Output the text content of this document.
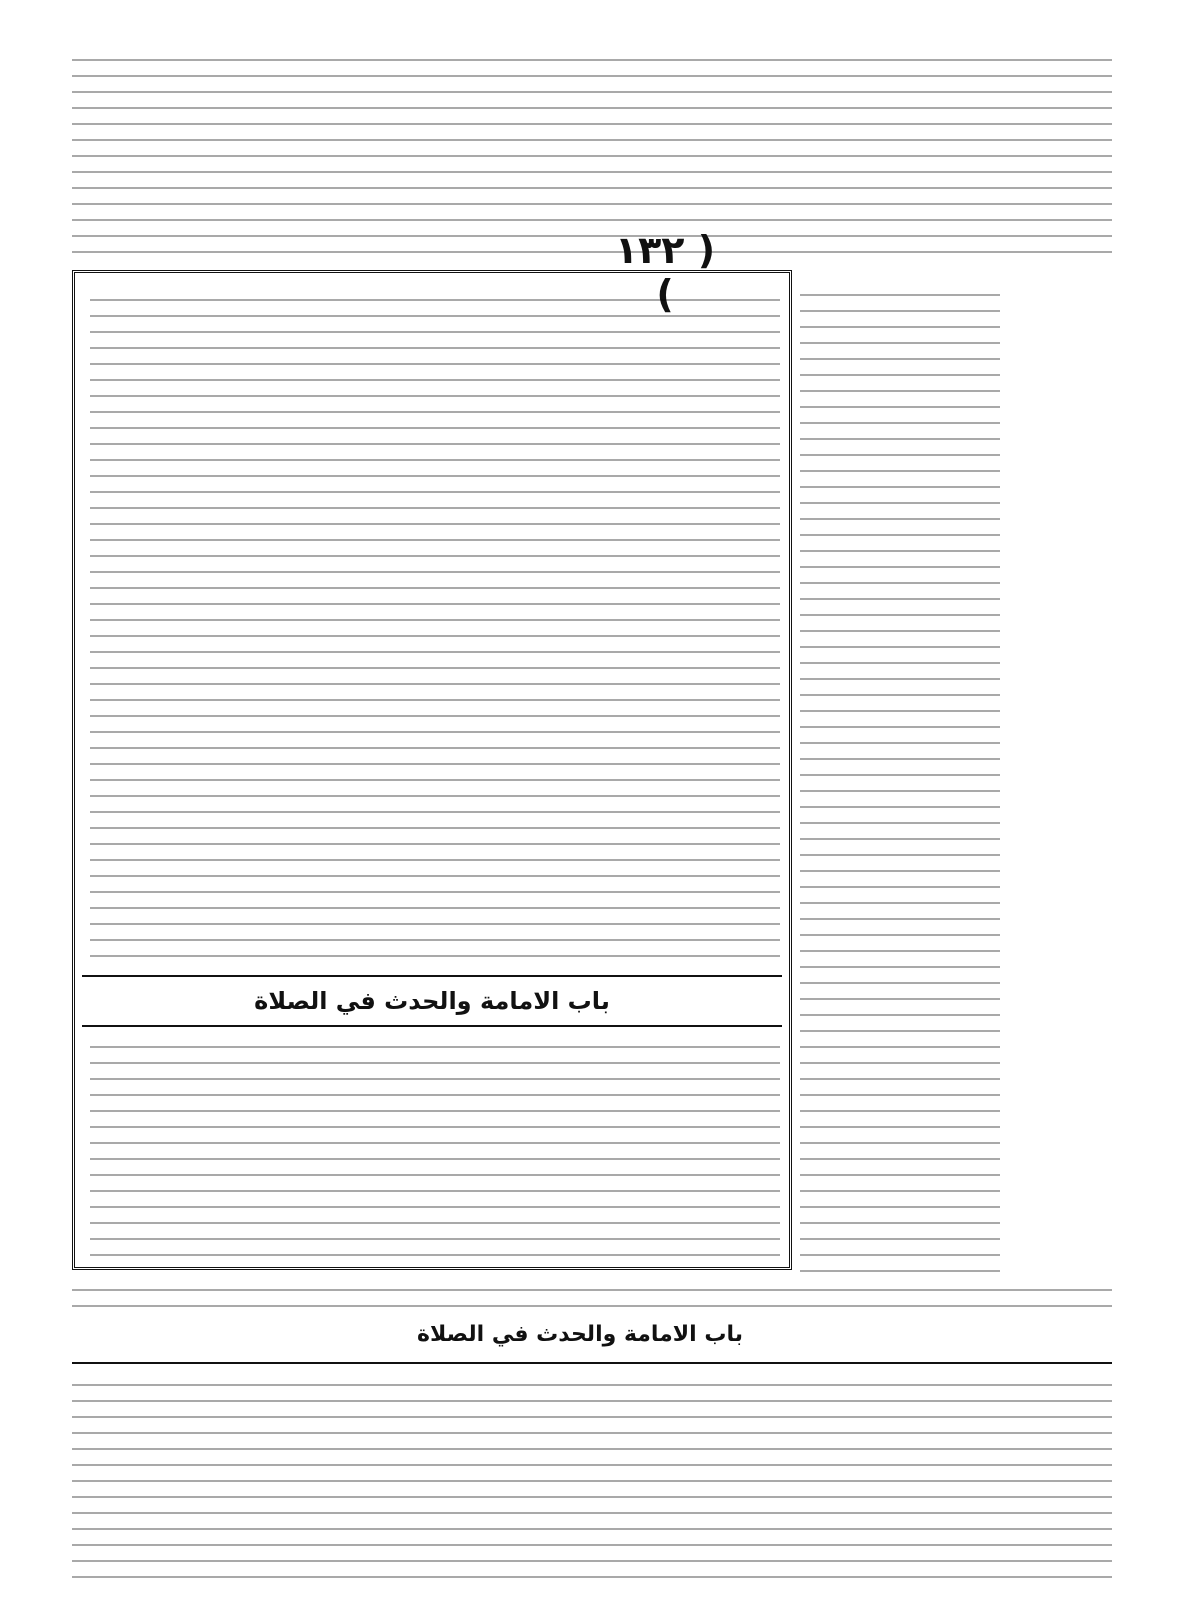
( ١٣٢ )
باب الامامة والحدث في الصلاة
باب الامامة والحدث في الصلاة
